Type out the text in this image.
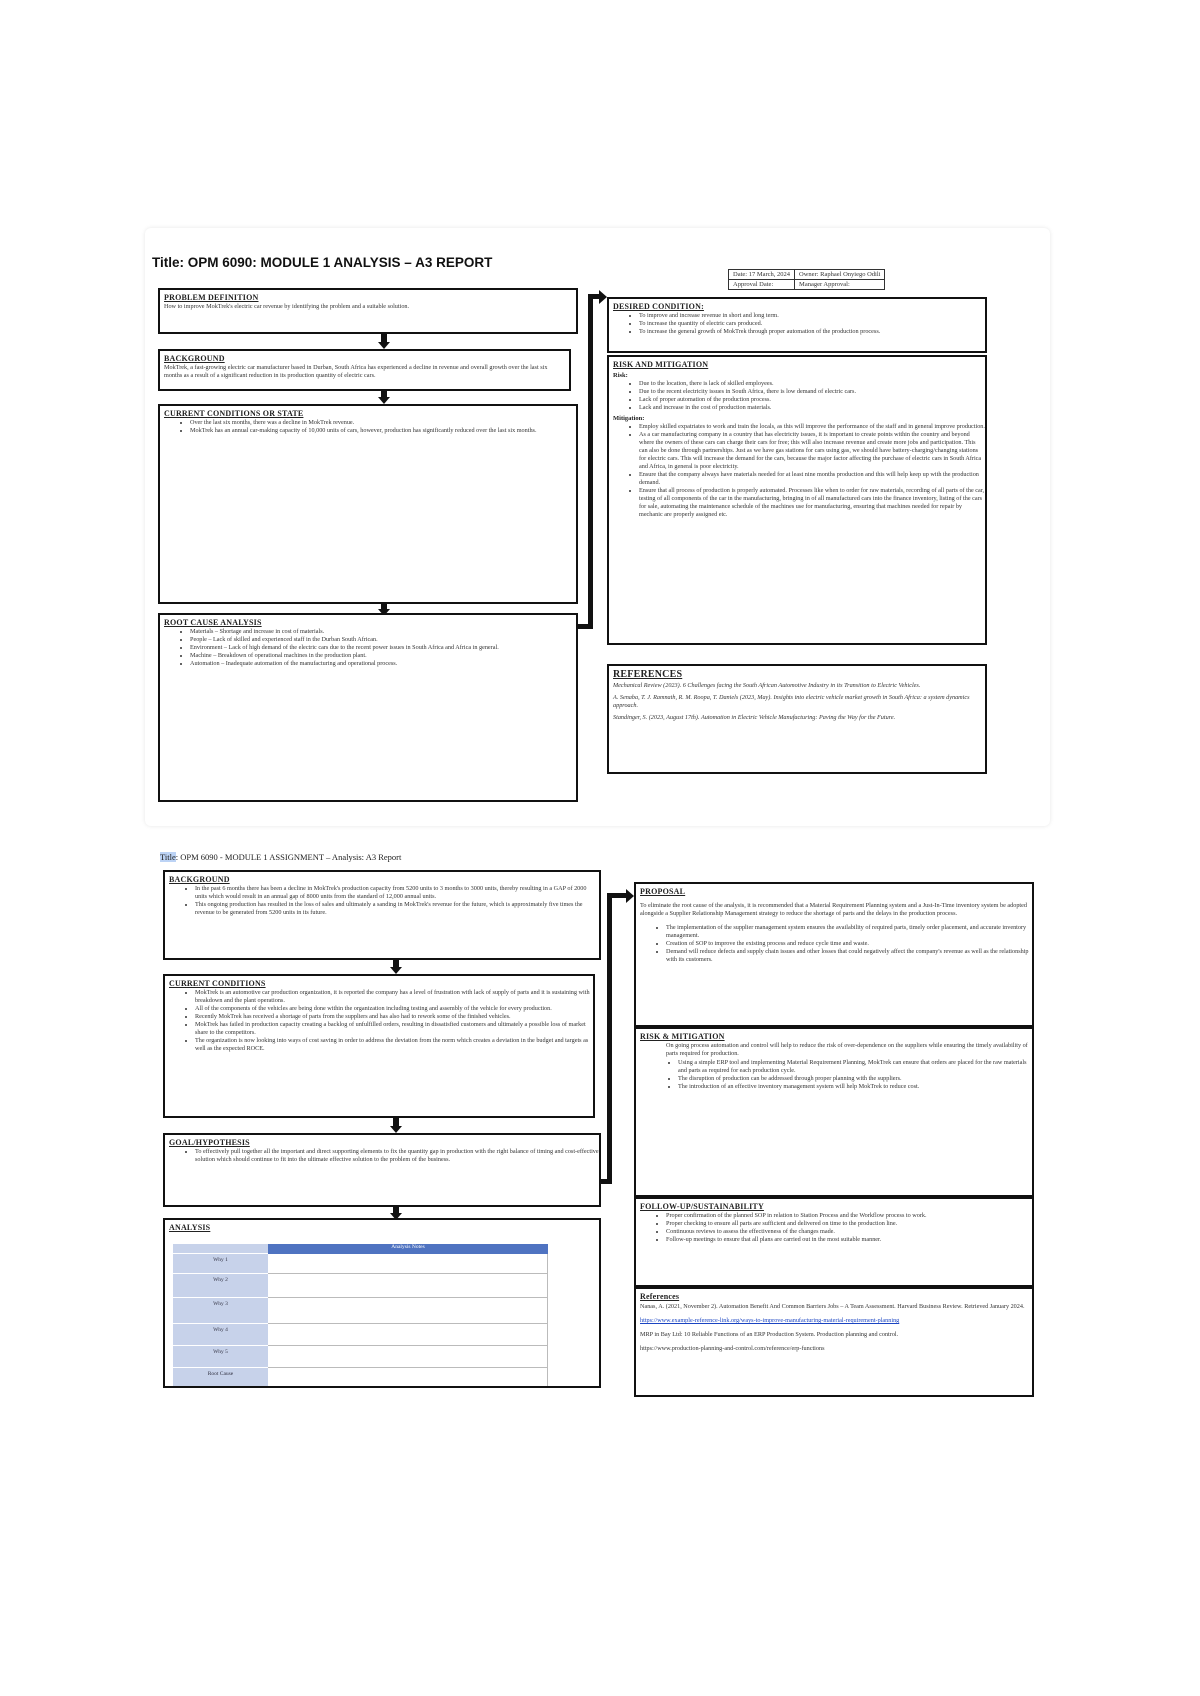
Title: OPM 6090: MODULE 1 ANALYSIS – A3 REPORT
Date: 17 March, 2024	Owner: Raphael Onyiego Odili
Approval Date:	Manager Approval:
PROBLEM DEFINITION
How to improve MokTrek's electric car revenue by identifying the problem and a suitable solution.
BACKGROUND
MokTrek, a fast-growing electric car manufacturer based in Durban, South Africa has experienced a decline in revenue and overall growth over the last six months as a result of a significant reduction in its production quantity of electric cars.
CURRENT CONDITIONS OR STATE
• Over the last six months, there was a decline in MokTrek revenue.
• MokTrek has an annual car-making capacity of 10,000 units of cars, however, production has significantly reduced over the last six months.
ROOT CAUSE ANALYSIS
• Materials – Shortage and increase in cost of materials.
• People – Lack of skilled and experienced staff in the Durban South African.
• Environment – Lack of high demand of the electric cars due to the recent power issues in South Africa and Africa in general.
• Machine – Breakdown of operational machines in the production plant.
• Automation – Inadequate automation of the manufacturing and operational process.
DESIRED CONDITION:
• To improve and increase revenue in short and long term.
• To increase the quantity of electric cars produced.
• To increase the general growth of MokTrek through proper automation of the production process.
RISK AND MITIGATION
Risk:
• Due to the location, there is lack of skilled employees.
• Due to the recent electricity issues in South Africa, there is low demand of electric cars.
• Lack of proper automation of the production process.
• Lack and increase in the cost of production materials.
Mitigation:
• Employ skilled expatriates to work and train the locals, as this will improve the performance of the staff and in general improve production.
• As a car manufacturing company in a country that has electricity issues, it is important to create points within the country and beyond where the owners of these cars can charge their cars for free; this will also increase revenue and create more jobs and participation. This can also be done through partnerships. Just as we have gas stations for cars using gas, we should have battery-charging/changing stations for electric cars. This will increase the demand for the cars, because the major factor affecting the purchase of electric cars in South Africa and Africa, in general is poor electricity.
• Ensure that the company always have materials needed for at least nine months production and this will help keep up with the production demand.
• Ensure that all process of production is properly automated. Processes like when to order for raw materials, recording of all parts of the car, testing of all components of the car in the manufacturing, bringing in of all manufactured cars into the finance inventory, listing of the cars for sale, automating the maintenance schedule of the machines use for manufacturing, ensuring that machines needed for repair by mechanic are properly assigned etc.
REFERENCES
Mechanical Review (2023). 6 Challenges facing the South African Automotive Industry in its Transition to Electric Vehicles.
A. Senaba, T. J. Ramnath, R. M. Roopa, T. Daniels (2023, May). Insights into electric vehicle market growth in South Africa: a system dynamics approach.
Standinger, S. (2023, August 17th). Automation in Electric Vehicle Manufacturing: Paving the Way for the Future.
Title: OPM 6090 - MODULE 1 ASSIGNMENT – Analysis: A3 Report
BACKGROUND
• In the past 6 months there has been a decline in MokTrek's production capacity from 5200 units to 3 months to 3000 units, thereby resulting in a GAP of 2000 units which would result in an annual gap of 8000 units from the standard of 12,000 annual units.
• This ongoing production has resulted in the loss of sales and ultimately a sanding in MokTrek's revenue for the future, which is approximately five times the revenue to be generated from 5200 units in its future.
CURRENT CONDITIONS
• MokTrek is an automotive car production organization, it is reported the company has a level of frustration with lack of supply of parts and it is sustaining with breakdown and the plant operations.
• All of the components of the vehicles are being done within the organization including testing and assembly of the vehicle for every production.
• Recently MokTrek has received a shortage of parts from the suppliers and has also had to rework some of the finished vehicles.
• MokTrek has failed in production capacity creating a backlog of unfulfilled orders, resulting in dissatisfied customers and ultimately a possible loss of market share to the competitors.
• The organization is now looking into ways of cost saving in order to address the deviation from the norm which creates a deviation in the budget and targets as well as the expected ROCE.
GOAL/HYPOTHESIS
• To effectively pull together all the important and direct supporting elements to fix the quantity gap in production with the right balance of timing and cost-effective solution which should continue to fit into the ultimate effective solution to the problem of the business.
ANALYSIS
Analysis Notes
Why 1
Why 2
Why 3
Why 4
Why 5
Root Cause
PROPOSAL
To eliminate the root cause of the analysis, it is recommended that a Material Requirement Planning system and a Just-In-Time inventory system be adopted alongside a Supplier Relationship Management strategy to reduce the shortage of parts and the delays in the production process.
• The implementation of the supplier management system ensures the availability of required parts, timely order placement, and accurate inventory management.
• Creation of SOP to improve the existing process and reduce cycle time and waste.
• Demand will reduce defects and supply chain issues and other losses that could negatively affect the company's revenue as well as the relationship with its customers.
RISK & MITIGATION
On going process automation and control will help to reduce the risk of over-dependence on the suppliers while ensuring the timely availability of parts required for production.
• Using a simple ERP tool and implementing Material Requirement Planning, MokTrek can ensure that orders are placed for the raw materials and parts as required for each production cycle.
• The disruption of production can be addressed through proper planning with the suppliers.
• The introduction of an effective inventory management system will help MokTrek to reduce cost.
FOLLOW-UP/SUSTAINABILITY
• Proper confirmation of the planned SOP in relation to Station Process and the Workflow process to work.
• Proper checking to ensure all parts are sufficient and delivered on time to the production line.
• Continuous reviews to assess the effectiveness of the changes made.
• Follow-up meetings to ensure that all plans are carried out in the most suitable manner.
References
Nanas, A. (2021, November 2). Automation Benefit And Common Barriers Jobs – A Team Assessment. Harvard Business Review. Retrieved January 2024.
https://www.example-reference-link.org/ways-to-improve-manufacturing-material-requirement-planning
MRP in Bay Ltd: 10 Reliable Functions of an ERP Production System. Production planning and control.
https://www.production-planning-and-control.com/reference/erp-functions
